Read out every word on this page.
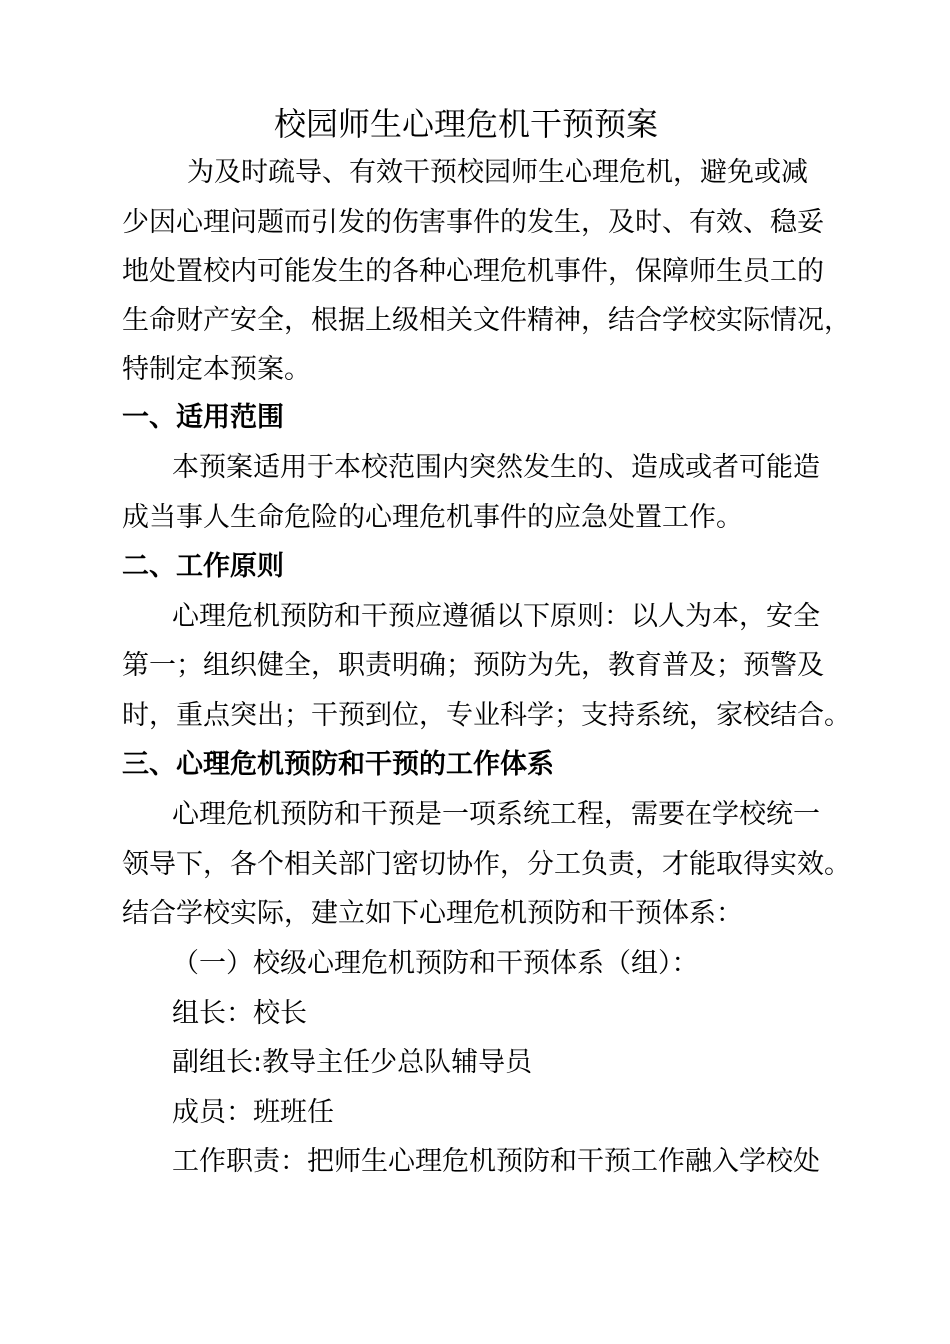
校园师生心理危机干预预案
为及时疏导、有效干预校园师生心理危机，避免或减
少因心理问题而引发的伤害事件的发生，及时、有效、稳妥
地处置校内可能发生的各种心理危机事件，保障师生员工的
生命财产安全，根据上级相关文件精神，结合学校实际情况，
特制定本预案。
一、适用范围
本预案适用于本校范围内突然发生的、造成或者可能造
成当事人生命危险的心理危机事件的应急处置工作。
二、工作原则
心理危机预防和干预应遵循以下原则：以人为本，安全
第一；组织健全，职责明确；预防为先，教育普及；预警及
时，重点突出；干预到位，专业科学；支持系统，家校结合。
三、心理危机预防和干预的工作体系
心理危机预防和干预是一项系统工程，需要在学校统一
领导下，各个相关部门密切协作，分工负责，才能取得实效。
结合学校实际，建立如下心理危机预防和干预体系：
（一）校级心理危机预防和干预体系（组）：
组长：校长
副组长:教导主任少总队辅导员
成员：班班任
工作职责：把师生心理危机预防和干预工作融入学校处
